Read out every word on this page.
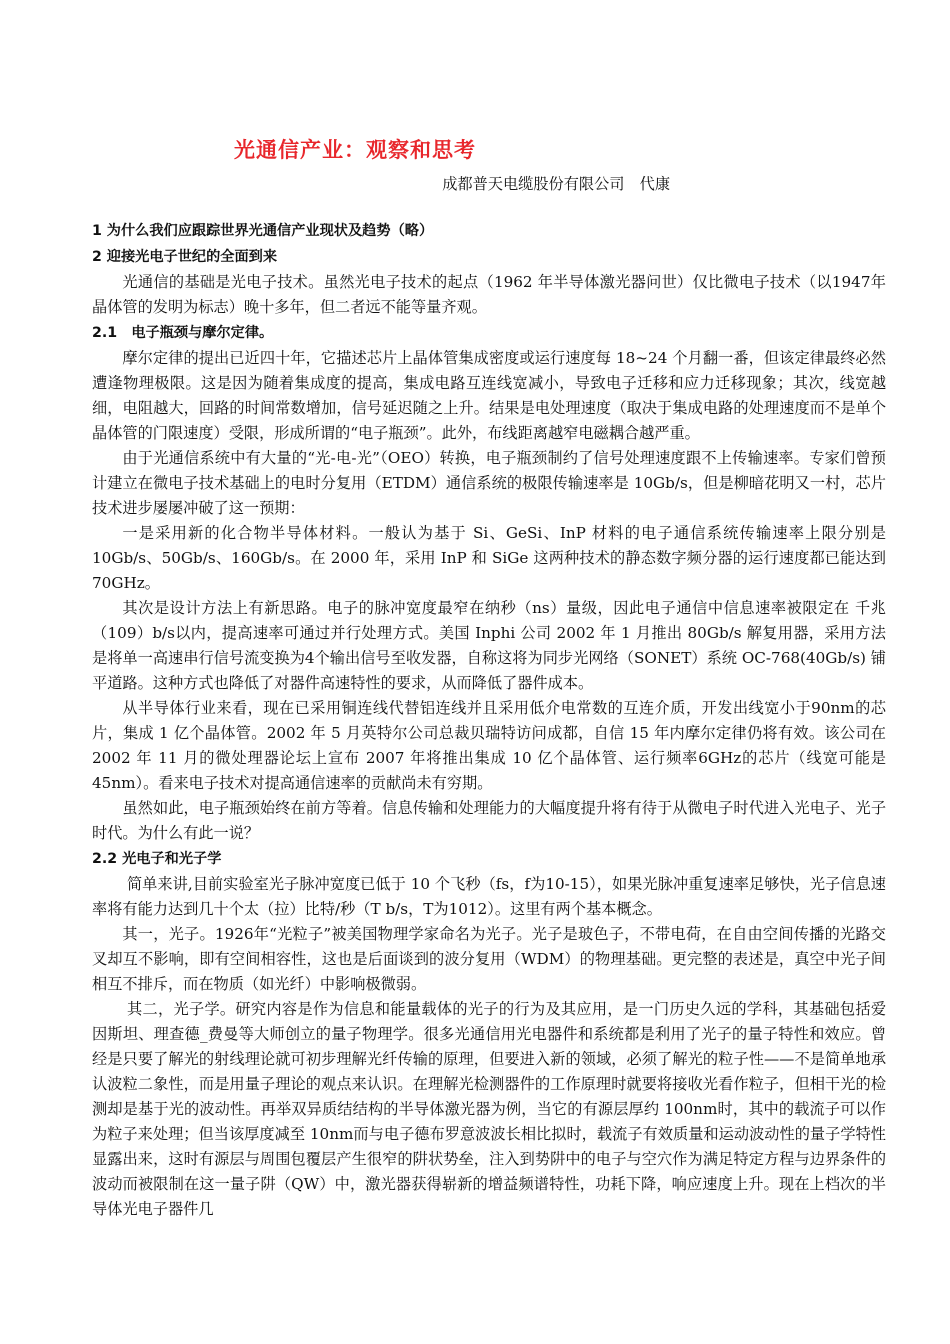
光通信产业：观察和思考
成都普天电缆股份有限公司　代康
1 为什么我们应跟踪世界光通信产业现状及趋势（略）
2 迎接光电子世纪的全面到来

光通信的基础是光电子技术。虽然光电子技术的起点（1962 年半导体激光器问世）仅比微电子技术（以1947年晶体管的发明为标志）晚十多年，但二者远不能等量齐观。

2.1　电子瓶颈与摩尔定律。

摩尔定律的提出已近四十年，它描述芯片上晶体管集成密度或运行速度每 18~24 个月翻一番，但该定律最终必然遭逢物理极限。这是因为随着集成度的提高，集成电路互连线宽减小，导致电子迁移和应力迁移现象；其次，线宽越细，电阻越大，回路的时间常数增加，信号延迟随之上升。结果是电处理速度（取决于集成电路的处理速度而不是单个晶体管的门限速度）受限，形成所谓的“电子瓶颈”。此外，布线距离越窄电磁耦合越严重。

由于光通信系统中有大量的“光-电-光”（OEO）转换，电子瓶颈制约了信号处理速度跟不上传输速率。专家们曾预计建立在微电子技术基础上的电时分复用（ETDM）通信系统的极限传输速率是 10Gb/s，但是柳暗花明又一村，芯片技术进步屡屡冲破了这一预期：

一是采用新的化合物半导体材料。一般认为基于 Si、GeSi、InP 材料的电子通信系统传输速率上限分别是 10Gb/s、50Gb/s、160Gb/s。在 2000 年，采用 InP 和 SiGe 这两种技术的静态数字频分器的运行速度都已能达到 70GHz。

其次是设计方法上有新思路。电子的脉冲宽度最窄在纳秒（ns）量级，因此电子通信中信息速率被限定在 千兆（109）b/s以内，提高速率可通过并行处理方式。美国 Inphi 公司 2002 年 1 月推出 80Gb/s 解复用器，采用方法是将单一高速串行信号流变换为4个输出信号至收发器，自称这将为同步光网络（SONET）系统 OC-768(40Gb/s) 铺平道路。这种方式也降低了对器件高速特性的要求，从而降低了器件成本。

从半导体行业来看，现在已采用铜连线代替铝连线并且采用低介电常数的互连介质，开发出线宽小于90nm的芯片，集成 1 亿个晶体管。2002 年 5 月英特尔公司总裁贝瑞特访问成都，自信 15 年内摩尔定律仍将有效。该公司在 2002 年 11 月的微处理器论坛上宣布 2007 年将推出集成 10 亿个晶体管、运行频率6GHz的芯片（线宽可能是 45nm）。看来电子技术对提高通信速率的贡献尚未有穷期。

虽然如此，电子瓶颈始终在前方等着。信息传输和处理能力的大幅度提升将有待于从微电子时代进入光电子、光子时代。为什么有此一说？

2.2 光电子和光子学

简单来讲,目前实验室光子脉冲宽度已低于 10 个飞秒（fs，f为10-15），如果光脉冲重复速率足够快，光子信息速率将有能力达到几十个太（拉）比特/秒（T b/s，T为1012）。这里有两个基本概念。

其一，光子。1926年“光粒子”被美国物理学家命名为光子。光子是玻色子，不带电荷，在自由空间传播的光路交叉却互不影响，即有空间相容性，这也是后面谈到的波分复用（WDM）的物理基础。更完整的表述是，真空中光子间相互不排斥，而在物质（如光纤）中影响极微弱。

其二，光子学。研究内容是作为信息和能量载体的光子的行为及其应用，是一门历史久远的学科，其基础包括爱因斯坦、理查德_费曼等大师创立的量子物理学。很多光通信用光电器件和系统都是利用了光子的量子特性和效应。曾经是只要了解光的射线理论就可初步理解光纤传输的原理，但要进入新的领域，必须了解光的粒子性——不是简单地承认波粒二象性，而是用量子理论的观点来认识。在理解光检测器件的工作原理时就要将接收光看作粒子，但相干光的检测却是基于光的波动性。再举双异质结结构的半导体激光器为例，当它的有源层厚约 100nm时，其中的载流子可以作为粒子来处理；但当该厚度减至 10nm而与电子德布罗意波波长相比拟时，载流子有效质量和运动波动性的量子学特性显露出来，这时有源层与周围包覆层产生很窄的阱状势垒，注入到势阱中的电子与空穴作为满足特定方程与边界条件的波动而被限制在这一量子阱（QW）中，激光器获得崭新的增益频谱特性，功耗下降，响应速度上升。现在上档次的半导体光电子器件几
